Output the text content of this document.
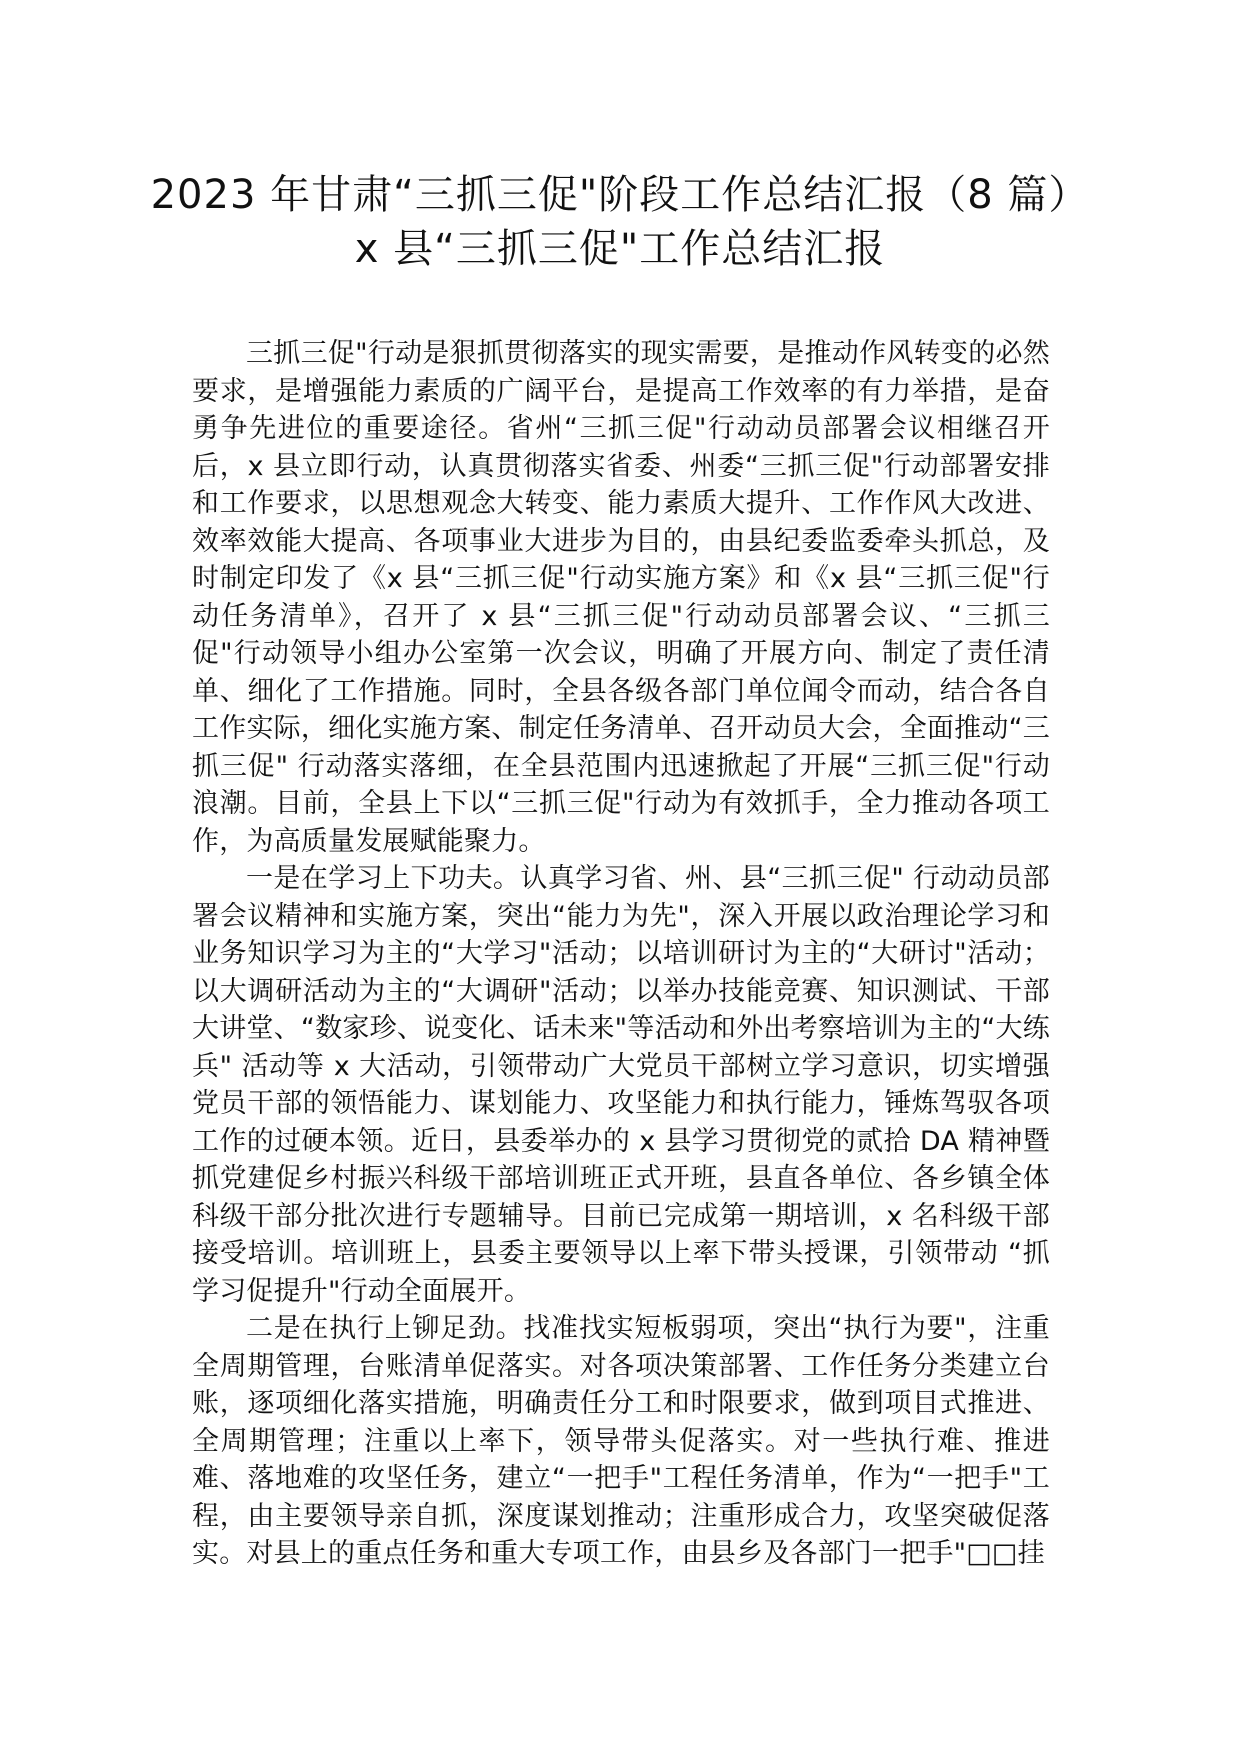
2023 年甘肃“三抓三促"阶段工作总结汇报（8 篇）
x 县“三抓三促"工作总结汇报

三抓三促"行动是狠抓贯彻落实的现实需要，是推动作风转变的必然要求，是增强能力素质的广阔平台，是提高工作效率的有力举措，是奋勇争先进位的重要途径。省州“三抓三促"行动动员部署会议相继召开后，x 县立即行动，认真贯彻落实省委、州委“三抓三促"行动部署安排和工作要求，以思想观念大转变、能力素质大提升、工作作风大改进、效率效能大提高、各项事业大进步为目的，由县纪委监委牵头抓总，及时制定印发了《x 县“三抓三促"行动实施方案》和《x 县“三抓三促"行动任务清单》，召开了 x 县“三抓三促"行动动员部署会议、“三抓三促"行动领导小组办公室第一次会议，明确了开展方向、制定了责任清单、细化了工作措施。同时，全县各级各部门单位闻令而动，结合各自工作实际，细化实施方案、制定任务清单、召开动员大会，全面推动“三抓三促" 行动落实落细，在全县范围内迅速掀起了开展“三抓三促"行动浪潮。目前，全县上下以“三抓三促"行动为有效抓手，全力推动各项工作，为高质量发展赋能聚力。

一是在学习上下功夫。认真学习省、州、县“三抓三促" 行动动员部署会议精神和实施方案，突出“能力为先"，深入开展以政治理论学习和业务知识学习为主的“大学习"活动；以培训研讨为主的“大研讨"活动；以大调研活动为主的“大调研"活动；以举办技能竞赛、知识测试、干部大讲堂、“数家珍、说变化、话未来"等活动和外出考察培训为主的“大练兵" 活动等 x 大活动，引领带动广大党员干部树立学习意识，切实增强党员干部的领悟能力、谋划能力、攻坚能力和执行能力，锤炼驾驭各项工作的过硬本领。近日，县委举办的 x 县学习贯彻党的贰拾 DA 精神暨抓党建促乡村振兴科级干部培训班正式开班，县直各单位、各乡镇全体科级干部分批次进行专题辅导。目前已完成第一期培训，x 名科级干部接受培训。培训班上，县委主要领导以上率下带头授课，引领带动 “抓学习促提升"行动全面展开。

二是在执行上铆足劲。找准找实短板弱项，突出“执行为要"，注重全周期管理，台账清单促落实。对各项决策部署、工作任务分类建立台账，逐项细化落实措施，明确责任分工和时限要求，做到项目式推进、全周期管理；注重以上率下，领导带头促落实。对一些执行难、推进难、落地难的攻坚任务，建立“一把手"工程任务清单，作为“一把手"工程，由主要领导亲自抓，深度谋划推动；注重形成合力，攻坚突破促落实。对县上的重点任务和重大专项工作，由县乡及各部门一把手"□□挂
